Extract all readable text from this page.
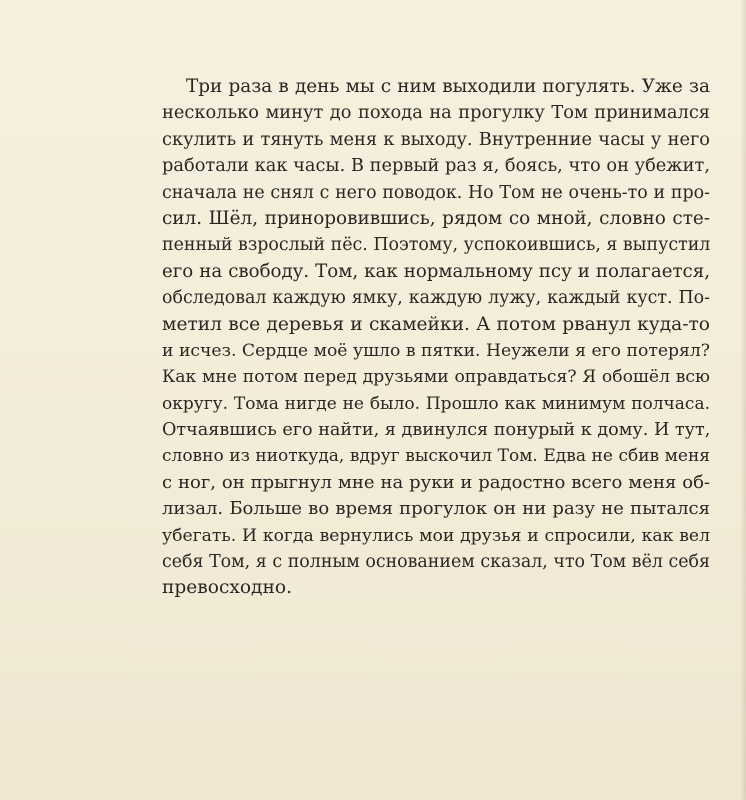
Три раза в день мы с ним выходили погулять. Уже за
несколько минут до похода на прогулку Том принимался
скулить и тянуть меня к выходу. Внутренние часы у него
работали как часы. В первый раз я, боясь, что он убежит,
сначала не снял с него поводок. Но Том не очень-то и про-
сил. Шёл, приноровившись, рядом со мной, словно сте-
пенный взрослый пёс. Поэтому, успокоившись, я выпустил
его на свободу. Том, как нормальному псу и полагается,
обследовал каждую ямку, каждую лужу, каждый куст. По-
метил все деревья и скамейки. А потом рванул куда-то
и исчез. Сердце моё ушло в пятки. Неужели я его потерял?
Как мне потом перед друзьями оправдаться? Я обошёл всю
округу. Тома нигде не было. Прошло как минимум полчаса.
Отчаявшись его найти, я двинулся понурый к дому. И тут,
словно из ниоткуда, вдруг выскочил Том. Едва не сбив меня
с ног, он прыгнул мне на руки и радостно всего меня об-
лизал. Больше во время прогулок он ни разу не пытался
убегать. И когда вернулись мои друзья и спросили, как вел
себя Том, я с полным основанием сказал, что Том вёл себя
превосходно.
